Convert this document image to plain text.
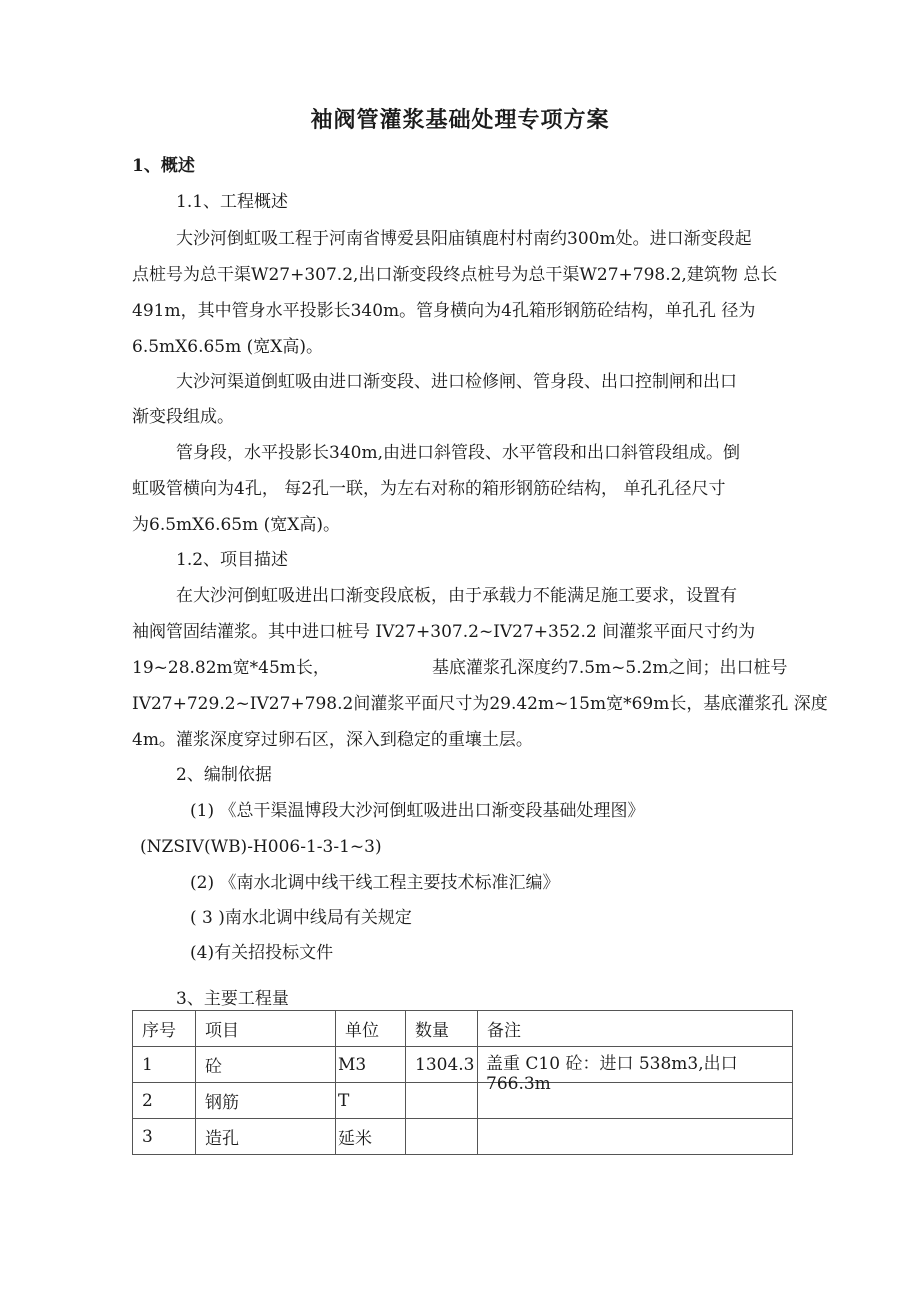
袖阀管灌浆基础处理专项方案
1、概述
1.1、工程概述
大沙河倒虹吸工程于河南省博爱县阳庙镇鹿村村南约300m处。进口渐变段起
点桩号为总干渠W27+307.2,出口渐变段终点桩号为总干渠W27+798.2,建筑物 总长
491m，其中管身水平投影长340m。管身横向为4孔箱形钢筋砼结构，单孔孔 径为
6.5mX6.65m (宽X高)。
大沙河渠道倒虹吸由进口渐变段、进口检修闸、管身段、出口控制闸和出口
渐变段组成。
管身段，水平投影长340m,由进口斜管段、水平管段和出口斜管段组成。倒
虹吸管横向为4孔， 每2孔一联，为左右对称的箱形钢筋砼结构， 单孔孔径尺寸
为6.5mX6.65m (宽X高)。
1.2、项目描述
在大沙河倒虹吸进出口渐变段底板，由于承载力不能满足施工要求，设置有
袖阀管固结灌浆。其中进口桩号 IV27+307.2~IV27+352.2 间灌浆平面尺寸约为
19~28.82m宽*45m长，	基底灌浆孔深度约7.5m~5.2m之间；出口桩号
IV27+729.2~IV27+798.2间灌浆平面尺寸为29.42m~15m宽*69m长，基底灌浆孔 深度
4m。灌浆深度穿过卵石区，深入到稳定的重壤土层。
2、编制依据
(1) 《总干渠温博段大沙河倒虹吸进出口渐变段基础处理图》
(NZSIV(WB)-H006-1-3-1~3)
(2) 《南水北调中线干线工程主要技术标准汇编》
( 3 )南水北调中线局有关规定
(4)有关招投标文件
3、主要工程量
序号	项目	单位	数量	备注
1	砼	M3	1304.3	盖重 C10 砼：进口 538m3,出口 766.3m

2	钢筋	T		
3	造孔	延米		
